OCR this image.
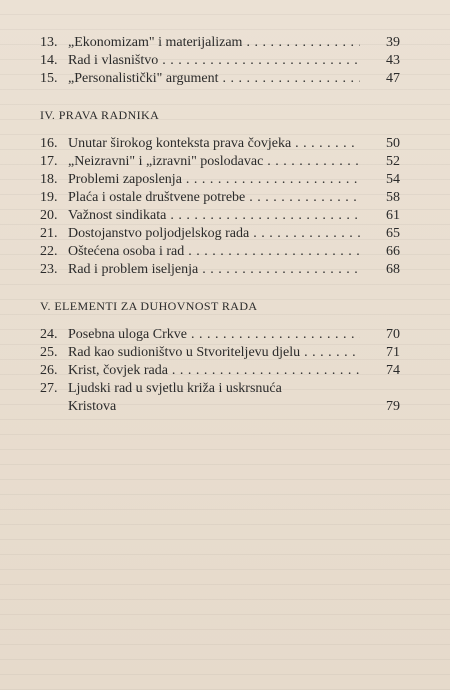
13. „Ekonomizam" i materijalizam . . .	39
14. Rad i vlasništvo . . .	43
15. „Personalistički" argument . . .	47
IV. PRAVA RADNIKA
16. Unutar širokog konteksta prava čovjeka . . .	50
17. „Neizravni" i „izravni" poslodavac . . .	52
18. Problemi zaposlenja . . .	54
19. Plaća i ostale društvene potrebe . . .	58
20. Važnost sindikata . . .	61
21. Dostojanstvo poljodjelskog rada . . .	65
22. Oštećena osoba i rad . . .	66
23. Rad i problem iseljenja . . .	68
V. ELEMENTI ZA DUHOVNOST RADA
24. Posebna uloga Crkve . . .	70
25. Rad kao sudioništvo u Stvoriteljevu djelu . . .	71
26. Krist, čovjek rada . . .	74
27. Ljudski rad u svjetlu križa i uskrsnuća
Kristova	79
